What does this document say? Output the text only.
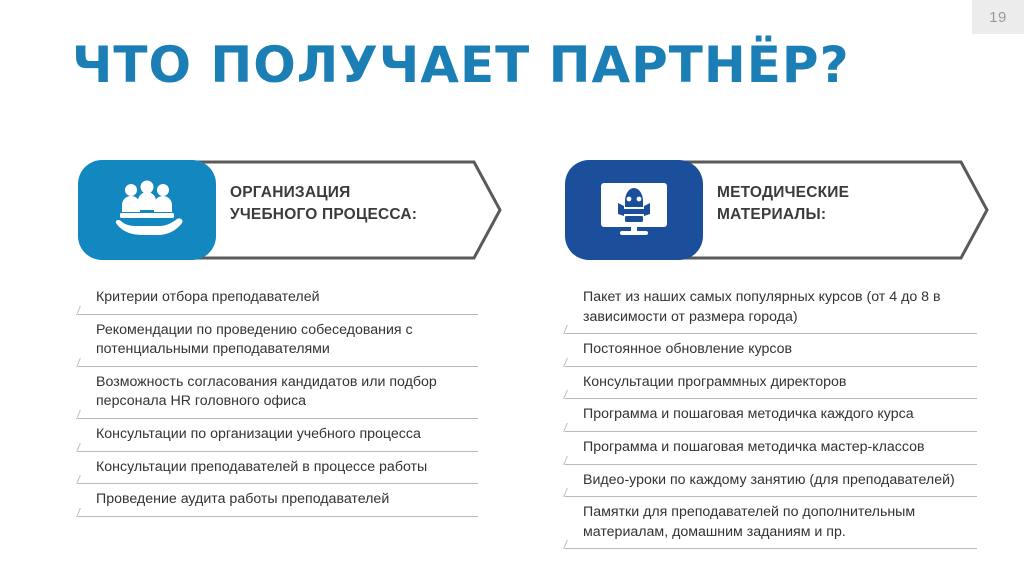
19
ЧТО ПОЛУЧАЕТ ПАРТНЁР?
ОРГАНИЗАЦИЯ
УЧЕБНОГО ПРОЦЕССА:
Критерии отбора преподавателей
Рекомендации по проведению собеседования с потенциальными преподавателями
Возможность согласования кандидатов или подбор персонала HR головного офиса
Консультации по организации учебного процесса
Консультации преподавателей в процессе работы
Проведение аудита работы преподавателей
МЕТОДИЧЕСКИЕ
МАТЕРИАЛЫ:
Пакет из наших самых популярных курсов (от 4 до 8 в зависимости от размера города)
Постоянное обновление курсов
Консультации программных директоров
Программа и пошаговая методичка каждого курса
Программа и пошаговая методичка мастер-классов
Видео-уроки по каждому занятию (для преподавателей)
Памятки для преподавателей по дополнительным материалам, домашним заданиям и пр.
